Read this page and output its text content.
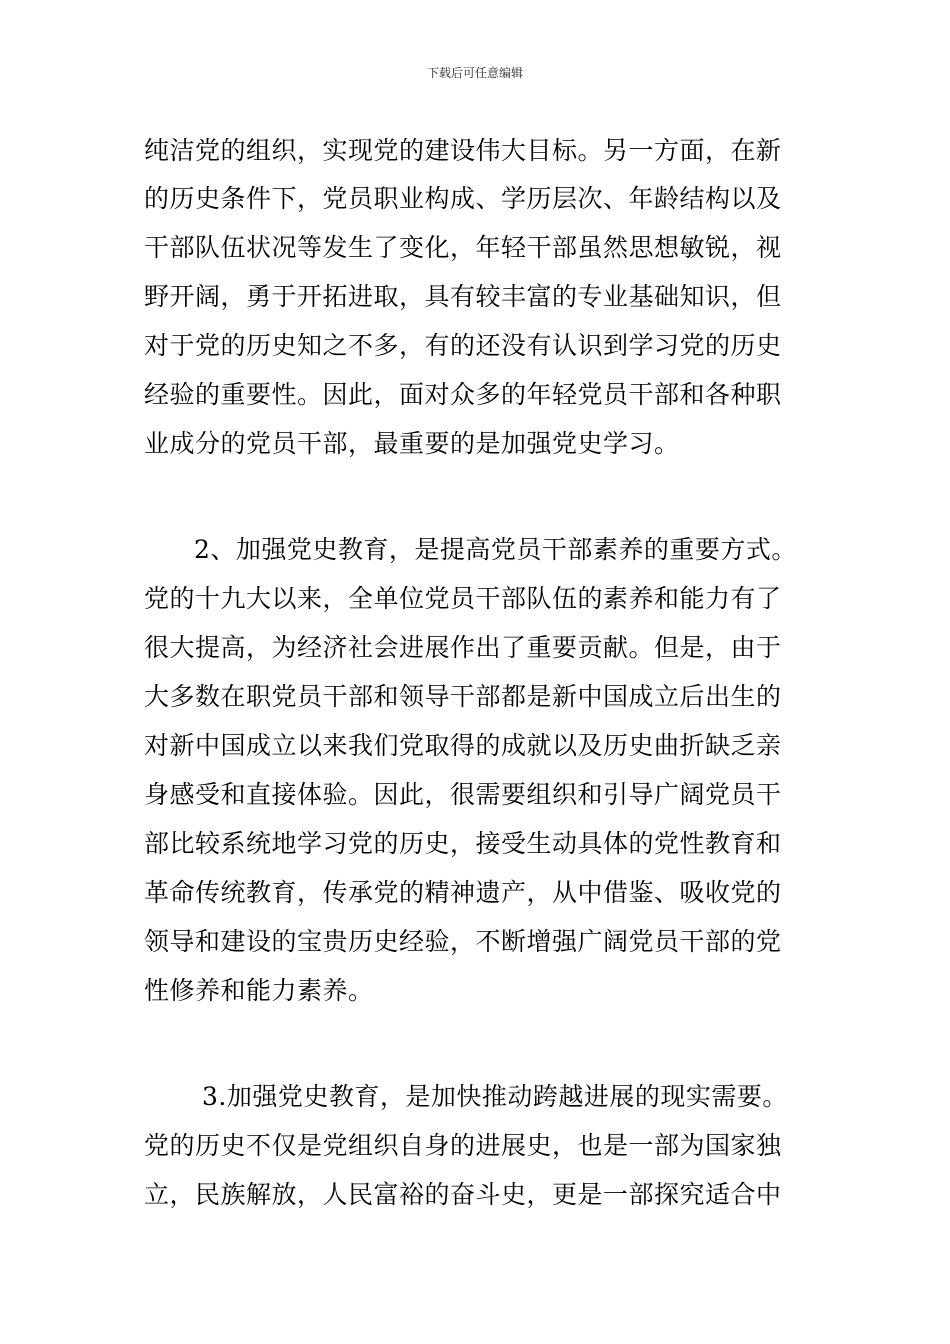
下载后可任意编辑
纯洁党的组织，实现党的建设伟大目标。另一方面，在新
的历史条件下，党员职业构成、学历层次、年龄结构以及
干部队伍状况等发生了变化，年轻干部虽然思想敏锐，视
野开阔，勇于开拓进取，具有较丰富的专业基础知识，但
对于党的历史知之不多，有的还没有认识到学习党的历史
经验的重要性。因此，面对众多的年轻党员干部和各种职
业成分的党员干部，最重要的是加强党史学习。
2、加强党史教育，是提高党员干部素养的重要方式。
党的十九大以来，全单位党员干部队伍的素养和能力有了
很大提高，为经济社会进展作出了重要贡献。但是，由于
大多数在职党员干部和领导干部都是新中国成立后出生的
对新中国成立以来我们党取得的成就以及历史曲折缺乏亲
身感受和直接体验。因此，很需要组织和引导广阔党员干
部比较系统地学习党的历史，接受生动具体的党性教育和
革命传统教育，传承党的精神遗产，从中借鉴、吸收党的
领导和建设的宝贵历史经验，不断增强广阔党员干部的党
性修养和能力素养。
3.加强党史教育，是加快推动跨越进展的现实需要。
党的历史不仅是党组织自身的进展史，也是一部为国家独
立，民族解放，人民富裕的奋斗史，更是一部探究适合中
